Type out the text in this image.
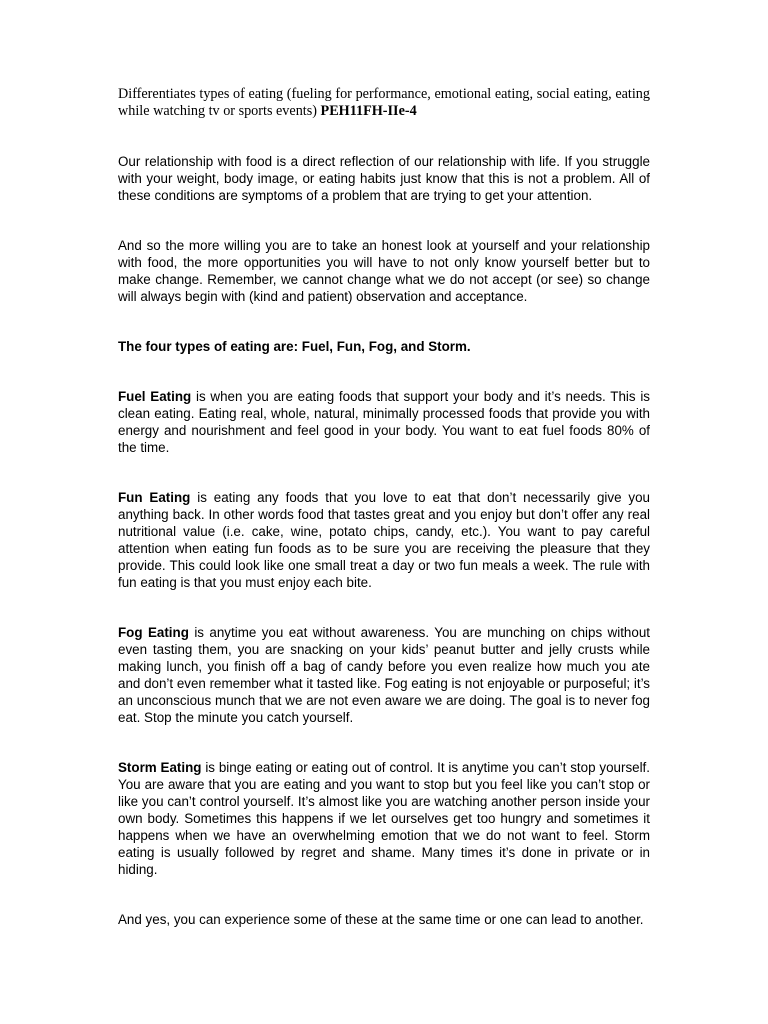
Differentiates types of eating (fueling for performance, emotional eating, social eating, eating while watching tv or sports events) PEH11FH-IIe-4

Our relationship with food is a direct reflection of our relationship with life. If you struggle with your weight, body image, or eating habits just know that this is not a problem. All of these conditions are symptoms of a problem that are trying to get your attention.

And so the more willing you are to take an honest look at yourself and your relationship with food, the more opportunities you will have to not only know yourself better but to make change. Remember, we cannot change what we do not accept (or see) so change will always begin with (kind and patient) observation and acceptance.

The four types of eating are: Fuel, Fun, Fog, and Storm.

Fuel Eating is when you are eating foods that support your body and it’s needs. This is clean eating. Eating real, whole, natural, minimally processed foods that provide you with energy and nourishment and feel good in your body. You want to eat fuel foods 80% of the time.

Fun Eating is eating any foods that you love to eat that don’t necessarily give you anything back. In other words food that tastes great and you enjoy but don’t offer any real nutritional value (i.e. cake, wine, potato chips, candy, etc.). You want to pay careful attention when eating fun foods as to be sure you are receiving the pleasure that they provide. This could look like one small treat a day or two fun meals a week. The rule with fun eating is that you must enjoy each bite.

Fog Eating is anytime you eat without awareness. You are munching on chips without even tasting them, you are snacking on your kids’ peanut butter and jelly crusts while making lunch, you finish off a bag of candy before you even realize how much you ate and don’t even remember what it tasted like. Fog eating is not enjoyable or purposeful; it’s an unconscious munch that we are not even aware we are doing. The goal is to never fog eat. Stop the minute you catch yourself.

Storm Eating is binge eating or eating out of control. It is anytime you can’t stop yourself. You are aware that you are eating and you want to stop but you feel like you can’t stop or like you can’t control yourself. It’s almost like you are watching another person inside your own body. Sometimes this happens if we let ourselves get too hungry and sometimes it happens when we have an overwhelming emotion that we do not want to feel. Storm eating is usually followed by regret and shame. Many times it’s done in private or in hiding.

And yes, you can experience some of these at the same time or one can lead to another.
